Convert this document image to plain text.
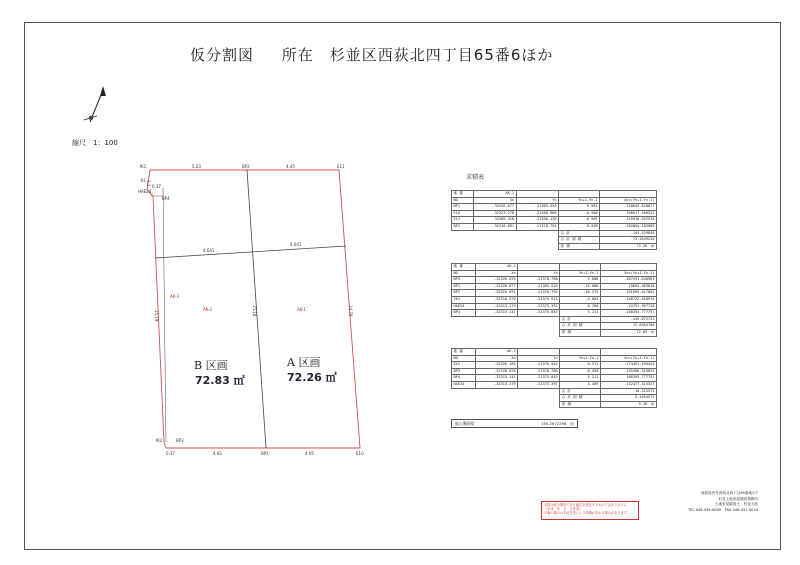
仮分割図 所在　杉並区西荻北四丁目65番6ほか
IK1	BP2	E11
K1
HAE24
BP4
IK2	BP3
BP1	E10
5.23	4.45
4.65	4.05
0.37
0.37
4.641
4.641
1.1
15.19	15.18	14.79
AK-3
AK-2	AK-1
縮尺　1：100
B 区画
72.83 ㎡
A 区画
72.26 ㎡
求積表
地 番	AK-1			
NO	Xn	Yn	Yn+1-Yn-1	Xn×(Yn+1-Yn-1)
BP1	-32326.677	-21365.520	8.901	-328644.620877
E10	-32323.278	-21360.960	-6.908	158617.560522
E11	-32309.318	-21356.138	-6.901	319916.557516
BP2	-32310.691	-21370.794	8.598	-182854.183909
			合 計	-144.529840
			合 計 面 積	72.2649230
			面 積	72.26　㎡
地 番	AK-2			
NO	Xn	Yn	Yn+1-Yn-1	Xn×(Yn+1-Yn-1)
BP3	-32326.076	-21370.786	5.606	-307291.648963
BP1	-32326.677	-21365.520	-15.008	19603.463818
BP2	-32310.691	-21370.794	-10.272	331895.417662
IK1	-32310.370	-21375.911	-4.603	148722.918910
HAE24	-32313.279	-21375.392	0.768	-24791.967718
BP4	-32315.141	-21375.045	5.211	-168393.777751
			合 計	-145.672741
			合 計 面 積	72.8364706
			面 積	72.83　㎡
地 番	AK-3			
NO	Xn	Yn	Yn+1-Yn-1	Xn×(Yn+1-Yn-1)
IK2	-32326.184	-21370.944	6.211	-174491.194424
BP3	-32326.076	-21370.786	-6.498	145496.315625
BP4	-32315.141	-21375.045	-5.211	168393.777751
HAE24	-32313.279	-21375.397	4.409	-142477.415327
			合 計	-10.315575
			合 計 面 積	5.1654575
			面 積	5.16　㎡
総公簿面積	150.2672296　㎡
本図は仮分筆図であり確定を保証するものではありません
（平成　年　月　日作成）
分筆の場合は手続き等により面積が変わる場合があります
西荻窪内外西荻北四丁目65番地の7
杉並土地家屋調査事務所
土地家屋調査士　杉並太郎
TEL 048-439-0000　FAX 048-437-0034
